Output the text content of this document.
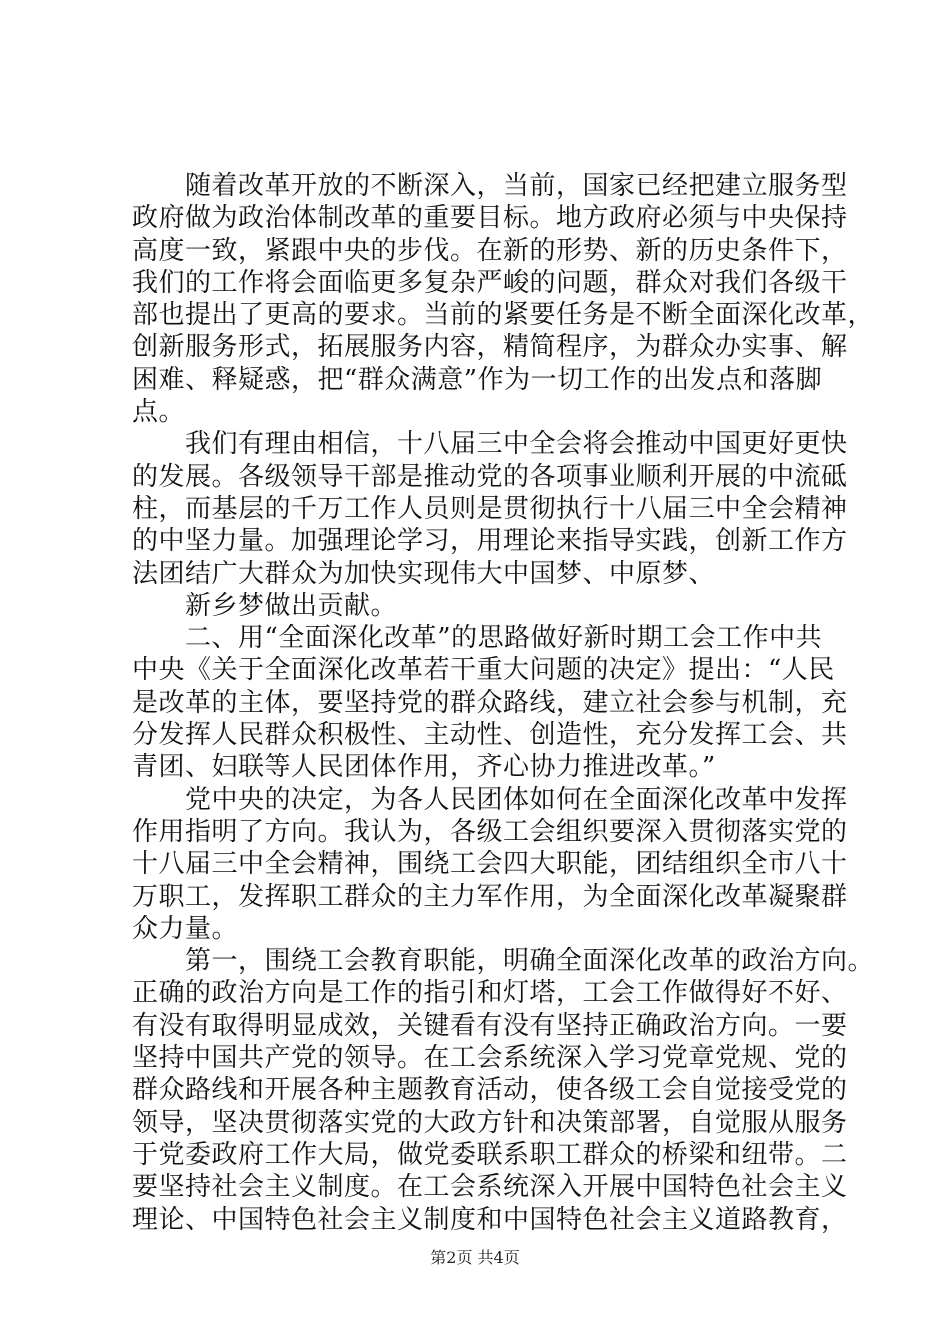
　　随着改革开放的不断深入，当前，国家已经把建立服务型
政府做为政治体制改革的重要目标。地方政府必须与中央保持
高度一致，紧跟中央的步伐。在新的形势、新的历史条件下，
我们的工作将会面临更多复杂严峻的问题，群众对我们各级干
部也提出了更高的要求。当前的紧要任务是不断全面深化改革，
创新服务形式，拓展服务内容，精简程序，为群众办实事、解
困难、释疑惑，把“群众满意”作为一切工作的出发点和落脚
点。
　　我们有理由相信，十八届三中全会将会推动中国更好更快
的发展。各级领导干部是推动党的各项事业顺利开展的中流砥
柱，而基层的千万工作人员则是贯彻执行十八届三中全会精神
的中坚力量。加强理论学习，用理论来指导实践，创新工作方
法团结广大群众为加快实现伟大中国梦、中原梦、
　　新乡梦做出贡献。
　　二、用“全面深化改革”的思路做好新时期工会工作中共
中央《关于全面深化改革若干重大问题的决定》提出：“人民
是改革的主体，要坚持党的群众路线，建立社会参与机制，充
分发挥人民群众积极性、主动性、创造性，充分发挥工会、共
青团、妇联等人民团体作用，齐心协力推进改革。”
　　党中央的决定，为各人民团体如何在全面深化改革中发挥
作用指明了方向。我认为，各级工会组织要深入贯彻落实党的
十八届三中全会精神，围绕工会四大职能，团结组织全市八十
万职工，发挥职工群众的主力军作用，为全面深化改革凝聚群
众力量。
　　第一，围绕工会教育职能，明确全面深化改革的政治方向。
正确的政治方向是工作的指引和灯塔，工会工作做得好不好、
有没有取得明显成效，关键看有没有坚持正确政治方向。一要
坚持中国共产党的领导。在工会系统深入学习党章党规、党的
群众路线和开展各种主题教育活动，使各级工会自觉接受党的
领导，坚决贯彻落实党的大政方针和决策部署，自觉服从服务
于党委政府工作大局，做党委联系职工群众的桥梁和纽带。二
要坚持社会主义制度。在工会系统深入开展中国特色社会主义
理论、中国特色社会主义制度和中国特色社会主义道路教育，
第2页 共4页
